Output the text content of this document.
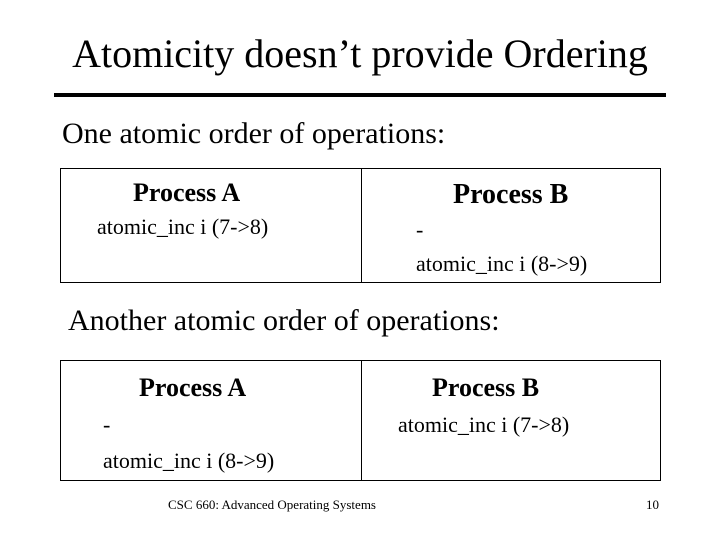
Atomicity doesn’t provide Ordering
One atomic order of operations:
Process A
atomic_inc i (7->8)
Process B
-
atomic_inc i (8->9)
Another atomic order of operations:
Process A
-
atomic_inc i (8->9)
Process B
atomic_inc i (7->8)
CSC 660: Advanced Operating Systems	10
